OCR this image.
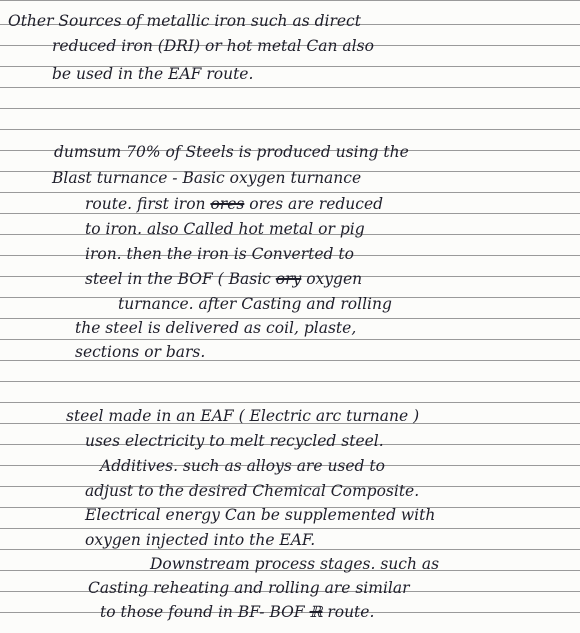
Other Sources of metallic iron such as direct
reduced iron (DRI) or hot metal Can also
be used in the EAF route.
dumsum 70% of Steels is produced using the
Blast turnance - Basic oxygen turnance
route. first iron ores ores are reduced
to iron. also Called hot metal or pig
iron. then the iron is Converted to
steel in the BOF ( Basic ory oxygen
turnance. after Casting and rolling
the steel is delivered as coil, plaste,
sections or bars.
steel made in an EAF ( Electric arc turnane )
uses electricity to melt recycled steel.
Additives. such as alloys are used to
adjust to the desired Chemical Composite.
Electrical energy Can be supplemented with
oxygen injected into the EAF.
Downstream process stages. such as
Casting reheating and rolling are similar
to those found in BF- BOF ℝ route.
